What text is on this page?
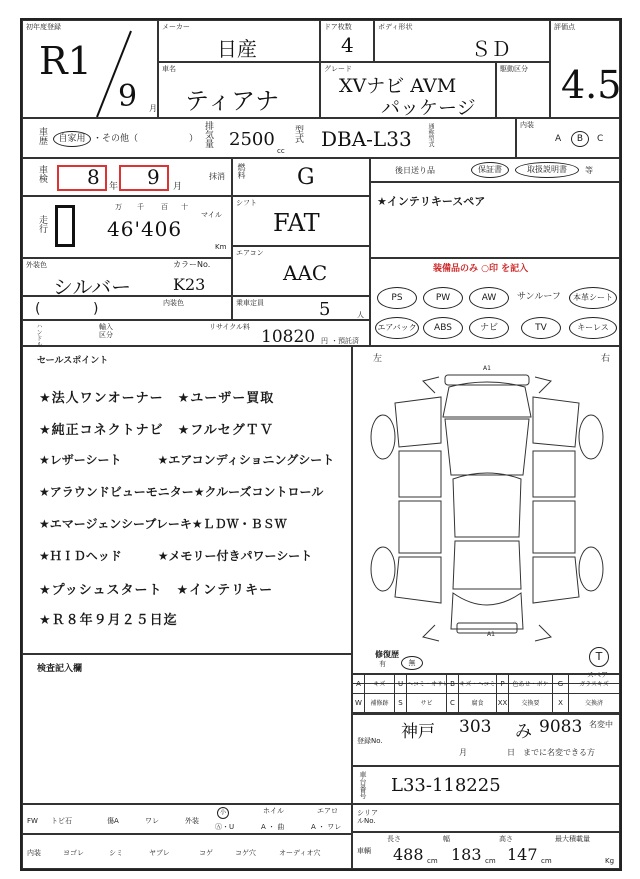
初年度登録
R1
9 月
メーカー
日産
ドア枚数
4
ボディ形状
ＳＤ
評価点
4.5
車名
ティアナ
グレード
XVナビ AVM
パッケージ
駆動区分
車歴	自家用 ・その他（	） 排気量 2500
cc
型式 DBA-L33	通称型式	内装
A	B	C
車検 8 年 9 月
抹消 燃料 G	後日送り品	保証書	取扱説明書	等
★インテリキースペア
走行
万 千 百 十
マイル
46'406
Km
シフト
FAT
外装色
シルバー
カラーNo.
K23
エアコン
AAC	装備品のみ ○印 を記入
PS	PW	AW	サンルーフ	本革シート
エアバック	ABS	ナビ	TV	キーレス
内装色
(	)	乗車定員	5	人
ハンドル	輸入区分
リサイクル料 10820 円 ・預託済
セールスポイント
★法人ワンオーナー　★ユーザー買取
★純正コネクトナビ　★フルセグＴＶ
★レザーシート　　　★エアコンディショニングシート
★アラウンドビューモニター★クルーズコントロール
★エマージェンシーブレーキ★ＬＤＷ・ＢＳＷ
★ＨＩＤヘッド　　　★メモリー付きパワーシート
★プッシュスタート　★インテリキー
★Ｒ８年９月２５日迄
左	右
A1
A1
修復歴	T
スペア
有	無
検査記入欄
A	キズ	U ヘコミ・オサレ B キズ・ヘコミ P	色あせ・ボケ	G	ガラスキズ
W	補修跡	S	サビ	C	腐食	XX	交換要	X	交換済
登録No. 神戸 303 み 9083 名変中
月　　　　　日　までに名変できる方
車台番号 L33-118225
FW トビ石	傷A	ワレ	外装
小
Ⓐ・U
ホイル
A ・ 曲
エアロ
A ・ ワレ
内装	ヨゴレ	シミ	ヤブレ	コゲ	コゲ穴	オーディオ穴
シリアルNo.
車輌
長さ
488 cm
幅
183 cm
高さ
147 cm
最大積載量
Kg
